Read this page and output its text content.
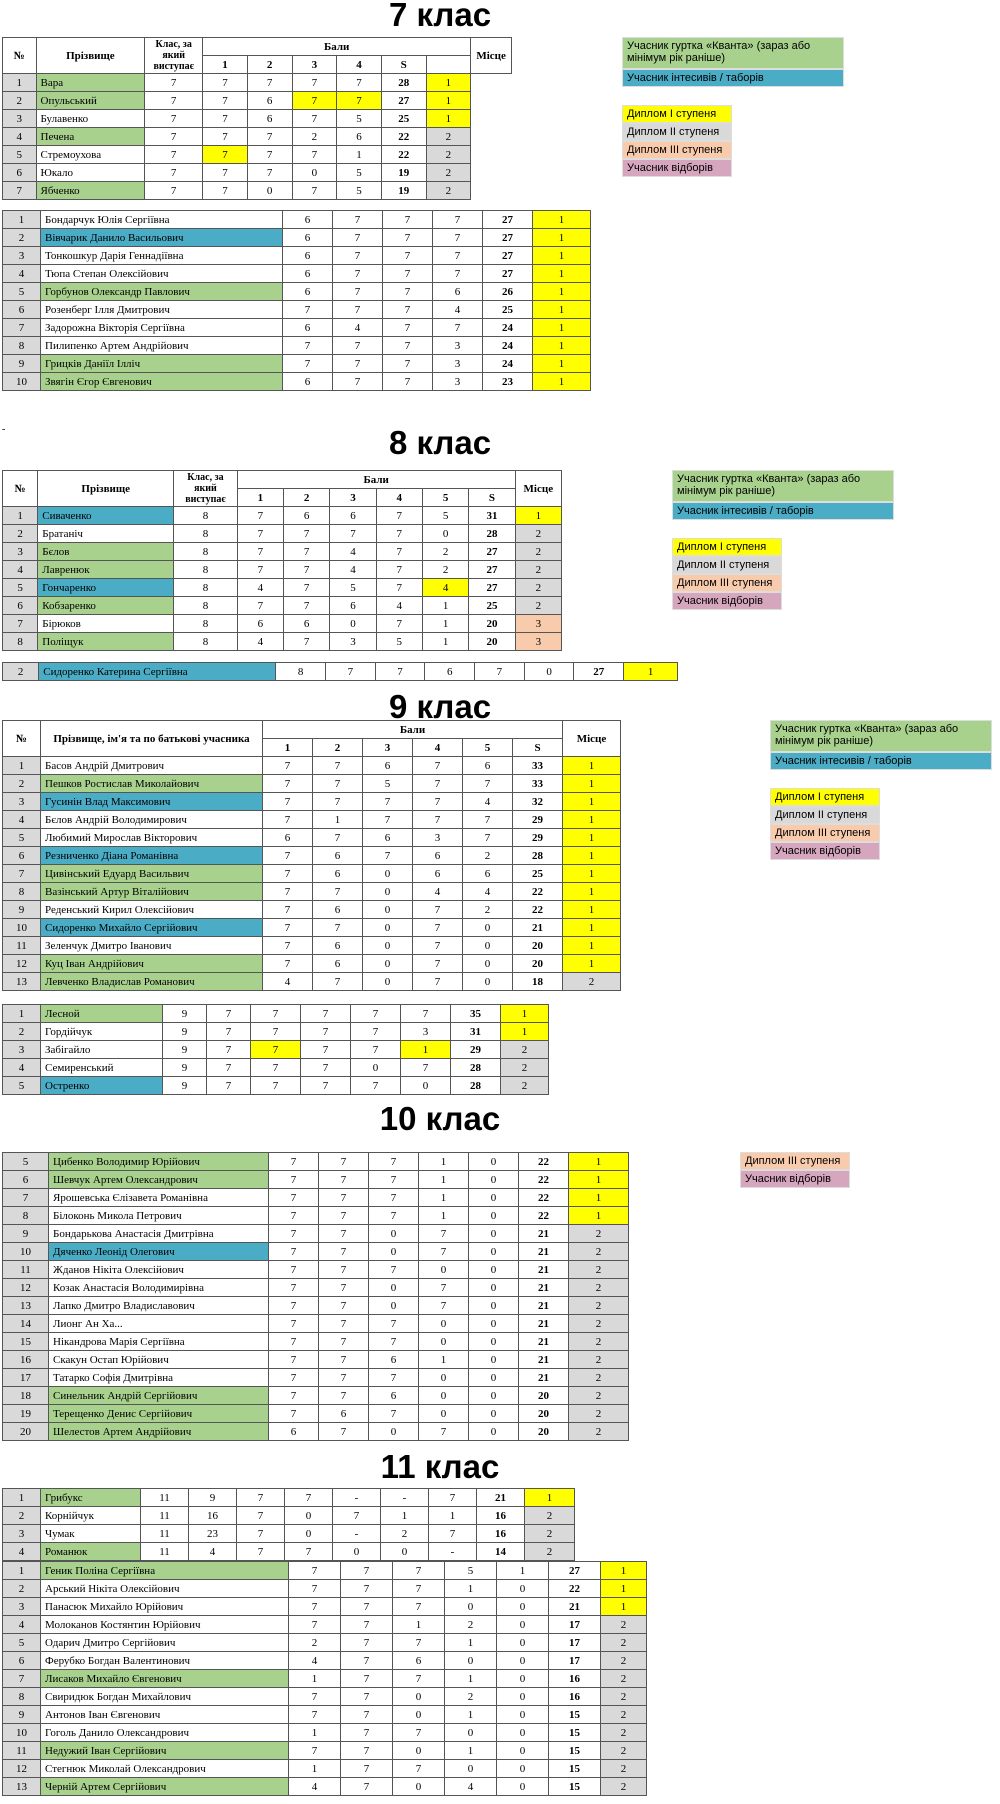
7 клас
№	Прізвище	Клас, за який виступає	Бали						Місце
			1	2	3	4	S		
1	Вара	7	7	7	7	7	28	1	
2	Опульський	7	7	6	7	7	27	1	
3	Булавенко	7	7	6	7	5	25	1	
4	Печена	7	7	7	2	6	22	2	
5	Стремоухова	7	7	7	7	1	22	2	
6	Юкало	7	7	7	0	5	19	2	
7	Ябченко	7	7	0	7	5	19	2	
1	Бондарчук Юлія Сергіївна	6	7	7	7	27	1
2	Вівчарик Данило Васильович	6	7	7	7	27	1
3	Тонкошкур Дарія Геннадіївна	6	7	7	7	27	1
4	Тюпа Степан Олексійович	6	7	7	7	27	1
5	Горбунов Олександр Павлович	6	7	7	6	26	1
6	Розенберг Ілля Дмитрович	7	7	7	4	25	1
7	Задорожна Вікторія Сергіївна	6	4	7	7	24	1
8	Пилипенко Артем Андрійович	7	7	7	3	24	1
9	Грицків Даніїл Ілліч	7	7	7	3	24	1
10	Звягін Єгор Євгенович	6	7	7	3	23	1
Учасник гуртка «Кванта» (зараз або мінімум рік раніше)
Учасник інтесивів / таборів
Диплом І ступеня
Диплом ІІ ступеня
Диплом ІІІ ступеня
Учасник відборів
-	8 клас
№	Прізвище	Клас, за який виступає	Бали						Місце
			1	2	3	4	5	S	
1	Сиваченко	8	7	6	6	7	5	31	1
2	Братаніч	8	7	7	7	7	0	28	2
3	Бєлов	8	7	7	4	7	2	27	2
4	Лавренюк	8	7	7	4	7	2	27	2
5	Гончаренко	8	4	7	5	7	4	27	2
6	Кобзаренко	8	7	7	6	4	1	25	2
7	Бірюков	8	6	6	0	7	1	20	3
8	Поліщук	8	4	7	3	5	1	20	3
2	Сидоренко Катерина Сергіївна	8	7	7	6	7	0	27	1
Учасник гуртка «Кванта» (зараз або мінімум рік раніше)
Учасник інтесивів / таборів
Диплом І ступеня
Диплом ІІ ступеня
Диплом ІІІ ступеня
Учасник відборів
9 клас
№	Прізвище, ім'я та по батькові учасника	Бали						Місце
		1	2	3	4	5	S	
1	Басов Андрій Дмитрович	7	7	6	7	6	33	1
2	Пешков Ростислав Миколайович	7	7	5	7	7	33	1
3	Гусинін Влад Максимович	7	7	7	7	4	32	1
4	Бєлов Андрій Володимирович	7	1	7	7	7	29	1
5	Любимий Мирослав Вікторович	6	7	6	3	7	29	1
6	Резниченко Діана Романівна	7	6	7	6	2	28	1
7	Цивінський Едуард Васильвич	7	6	0	6	6	25	1
8	Вазінський Артур Віталійович	7	7	0	4	4	22	1
9	Реденський Кирил Олексійович	7	6	0	7	2	22	1
10	Сидоренко Михайло Сергійович	7	7	0	7	0	21	1
11	Зеленчук Дмитро Іванович	7	6	0	7	0	20	1
12	Куц Іван Андрійович	7	6	0	7	0	20	1
13	Левченко Владислав Романович	4	7	0	7	0	18	2
1	Лесной	9	7	7	7	7	7	35	1
2	Гордійчук	9	7	7	7	7	3	31	1
3	Забігайло	9	7	7	7	7	1	29	2
4	Семиренський	9	7	7	7	0	7	28	2
5	Остренко	9	7	7	7	7	0	28	2
Учасник гуртка «Кванта» (зараз або мінімум рік раніше)
Учасник інтесивів / таборів
Диплом І ступеня
Диплом ІІ ступеня
Диплом ІІІ ступеня
Учасник відборів
10 клас
5	Цибенко Володимир Юрійович	7	7	7	1	0	22	1
6	Шевчук Артем Олександрович	7	7	7	1	0	22	1
7	Ярошевська Єлізавета Романівна	7	7	7	1	0	22	1
8	Білоконь Микола Петрович	7	7	7	1	0	22	1
9	Бондарькова Анастасія Дмитрівна	7	7	0	7	0	21	2
10	Дяченко Леонід Олегович	7	7	0	7	0	21	2
11	Жданов Нікіта Олексійович	7	7	7	0	0	21	2
12	Козак Анастасія Володимирівна	7	7	0	7	0	21	2
13	Лапко Дмитро Владиславович	7	7	0	7	0	21	2
14	Лионг Ан Ха...	7	7	7	0	0	21	2
15	Нікандрова Марія Сергіївна	7	7	7	0	0	21	2
16	Скакун Остап Юрійович	7	7	6	1	0	21	2
17	Татарко Софія Дмитрівна	7	7	7	0	0	21	2
18	Синельник Андрій Сергійович	7	7	6	0	0	20	2
19	Терещенко Денис Сергійович	7	6	7	0	0	20	2
20	Шелестов Артем Андрійович	6	7	0	7	0	20	2
Диплом ІІІ ступеня
Учасник відборів
11 клас
1	Грибукс	11	9	7	7	-	-	7	21	1
2	Корнійчук	11	16	7	0	7	1	1	16	2
3	Чумак	11	23	7	0	-	2	7	16	2
4	Романюк	11	4	7	7	0	0	-	14	2
1	Геник Поліна Сергіївна	7	7	7	5	1	27	1
2	Арський Нікіта Олексійович	7	7	7	1	0	22	1
3	Панасюк Михайло Юрійович	7	7	7	0	0	21	1
4	Молоканов Костянтин Юрійович	7	7	1	2	0	17	2
5	Одарич Дмитро Сергійович	2	7	7	1	0	17	2
6	Ферубко Богдан Валентинович	4	7	6	0	0	17	2
7	Лисаков Михайло Євгенович	1	7	7	1	0	16	2
8	Свиридюк Богдан Михайлович	7	7	0	2	0	16	2
9	Антонов Іван Євгенович	7	7	0	1	0	15	2
10	Гоголь Данило Олександрович	1	7	7	0	0	15	2
11	Недужий Іван Сергійович	7	7	0	1	0	15	2
12	Стегнюк Миколай Олександрович	1	7	7	0	0	15	2
13	Черній Артем Сергійович	4	7	0	4	0	15	2
